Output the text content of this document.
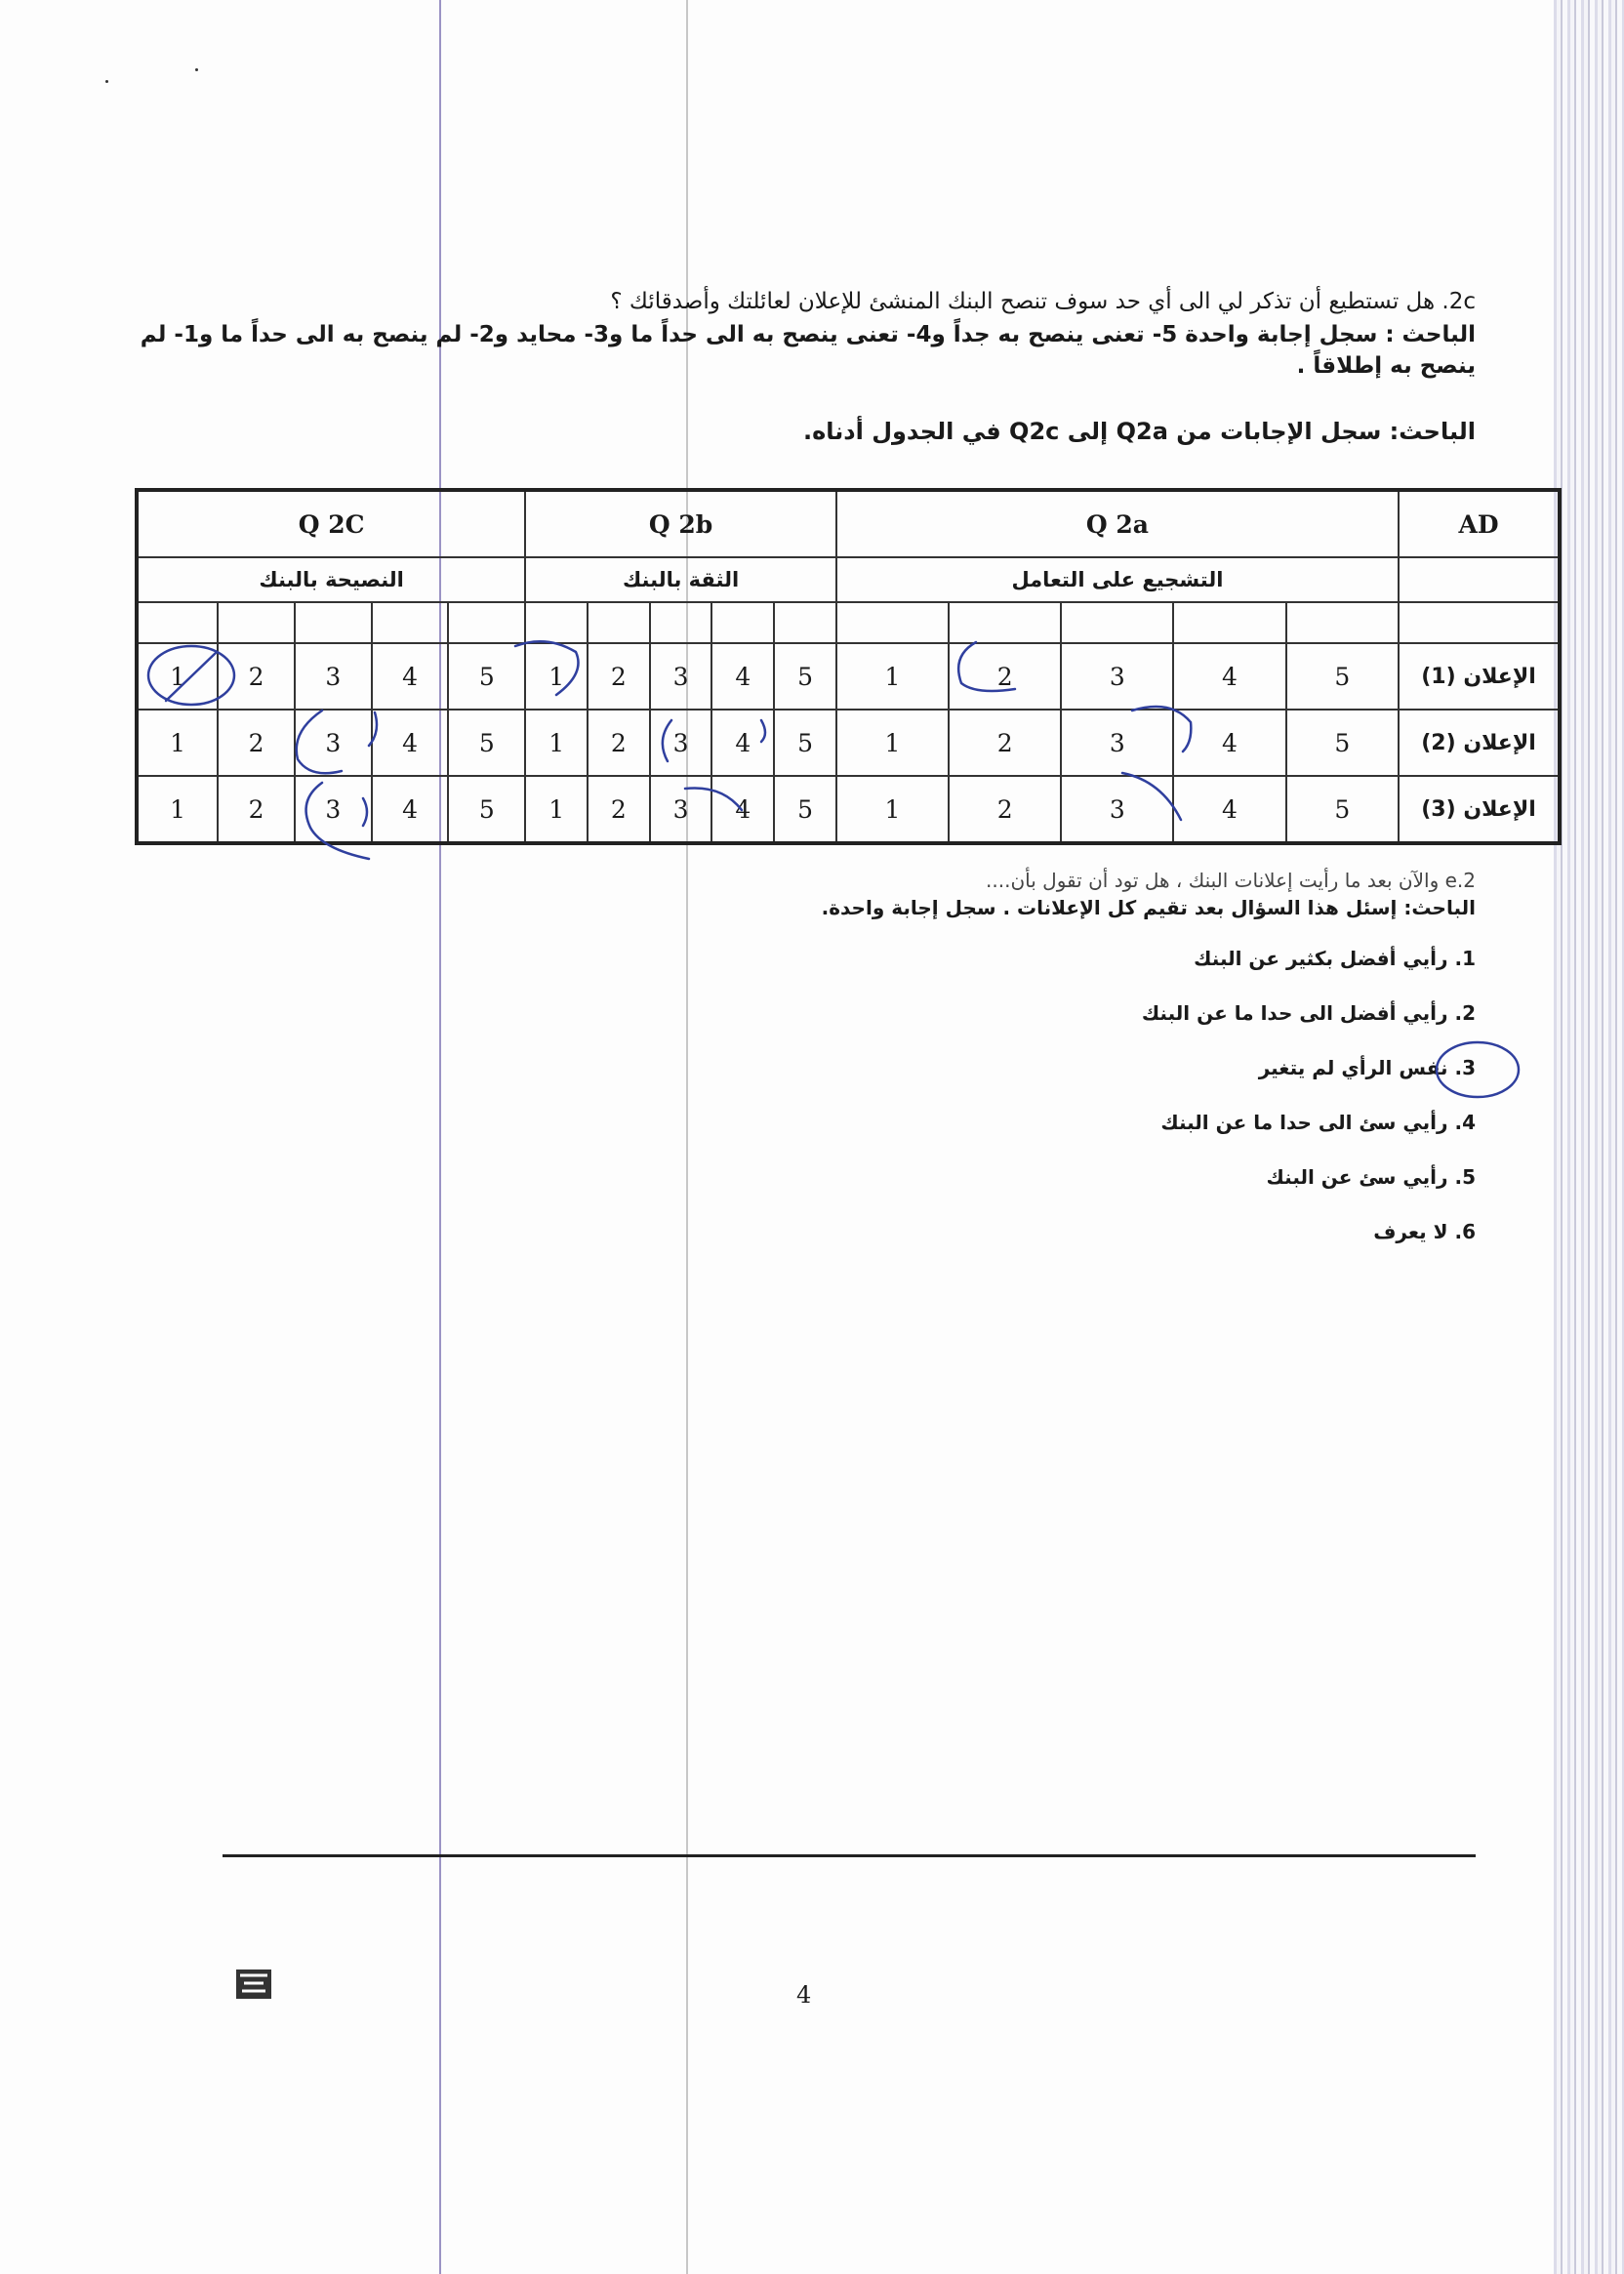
2c. هل تستطيع أن تذكر لي الى أي حد سوف تنصح البنك المنشئ للإعلان لعائلتك وأصدقائك ؟
الباحث : سجل إجابة واحدة 5- تعنى ينصح به جداً و4- تعنى ينصح به الى حداً ما و3- محايد و2- لم ينصح به الى حداً ما و1- لم
ينصح به إطلاقاً .
الباحث: سجل الإجابات من Q2a إلى Q2c في الجدول أدناه.
Q 2C					Q 2b					Q 2a					AD
النصيحة بالبنك					الثقة بالبنك					التشجيع على التعامل					

1	2	3	4	5	1	2	3	4	5	1	2	3	4	5	الإعلان (1)
1	2	3	4	5	1	2	3	4	5	1	2	3	4	5	الإعلان (2)
1	2	3	4	5	1	2	3	4	5	1	2	3	4	5	الإعلان (3)
2.e والآن بعد ما رأيت إعلانات البنك ، هل تود أن تقول بأن....
الباحث: إسئل هذا السؤال بعد تقيم كل الإعلانات . سجل إجابة واحدة.
1. رأيي أفضل بكثير عن البنك
2. رأيي أفضل الى حدا ما عن البنك
3. نفس الرأي لم يتغير
4. رأيي سئ الى حدا ما عن البنك
5. رأيي سئ عن البنك
6. لا يعرف
4
